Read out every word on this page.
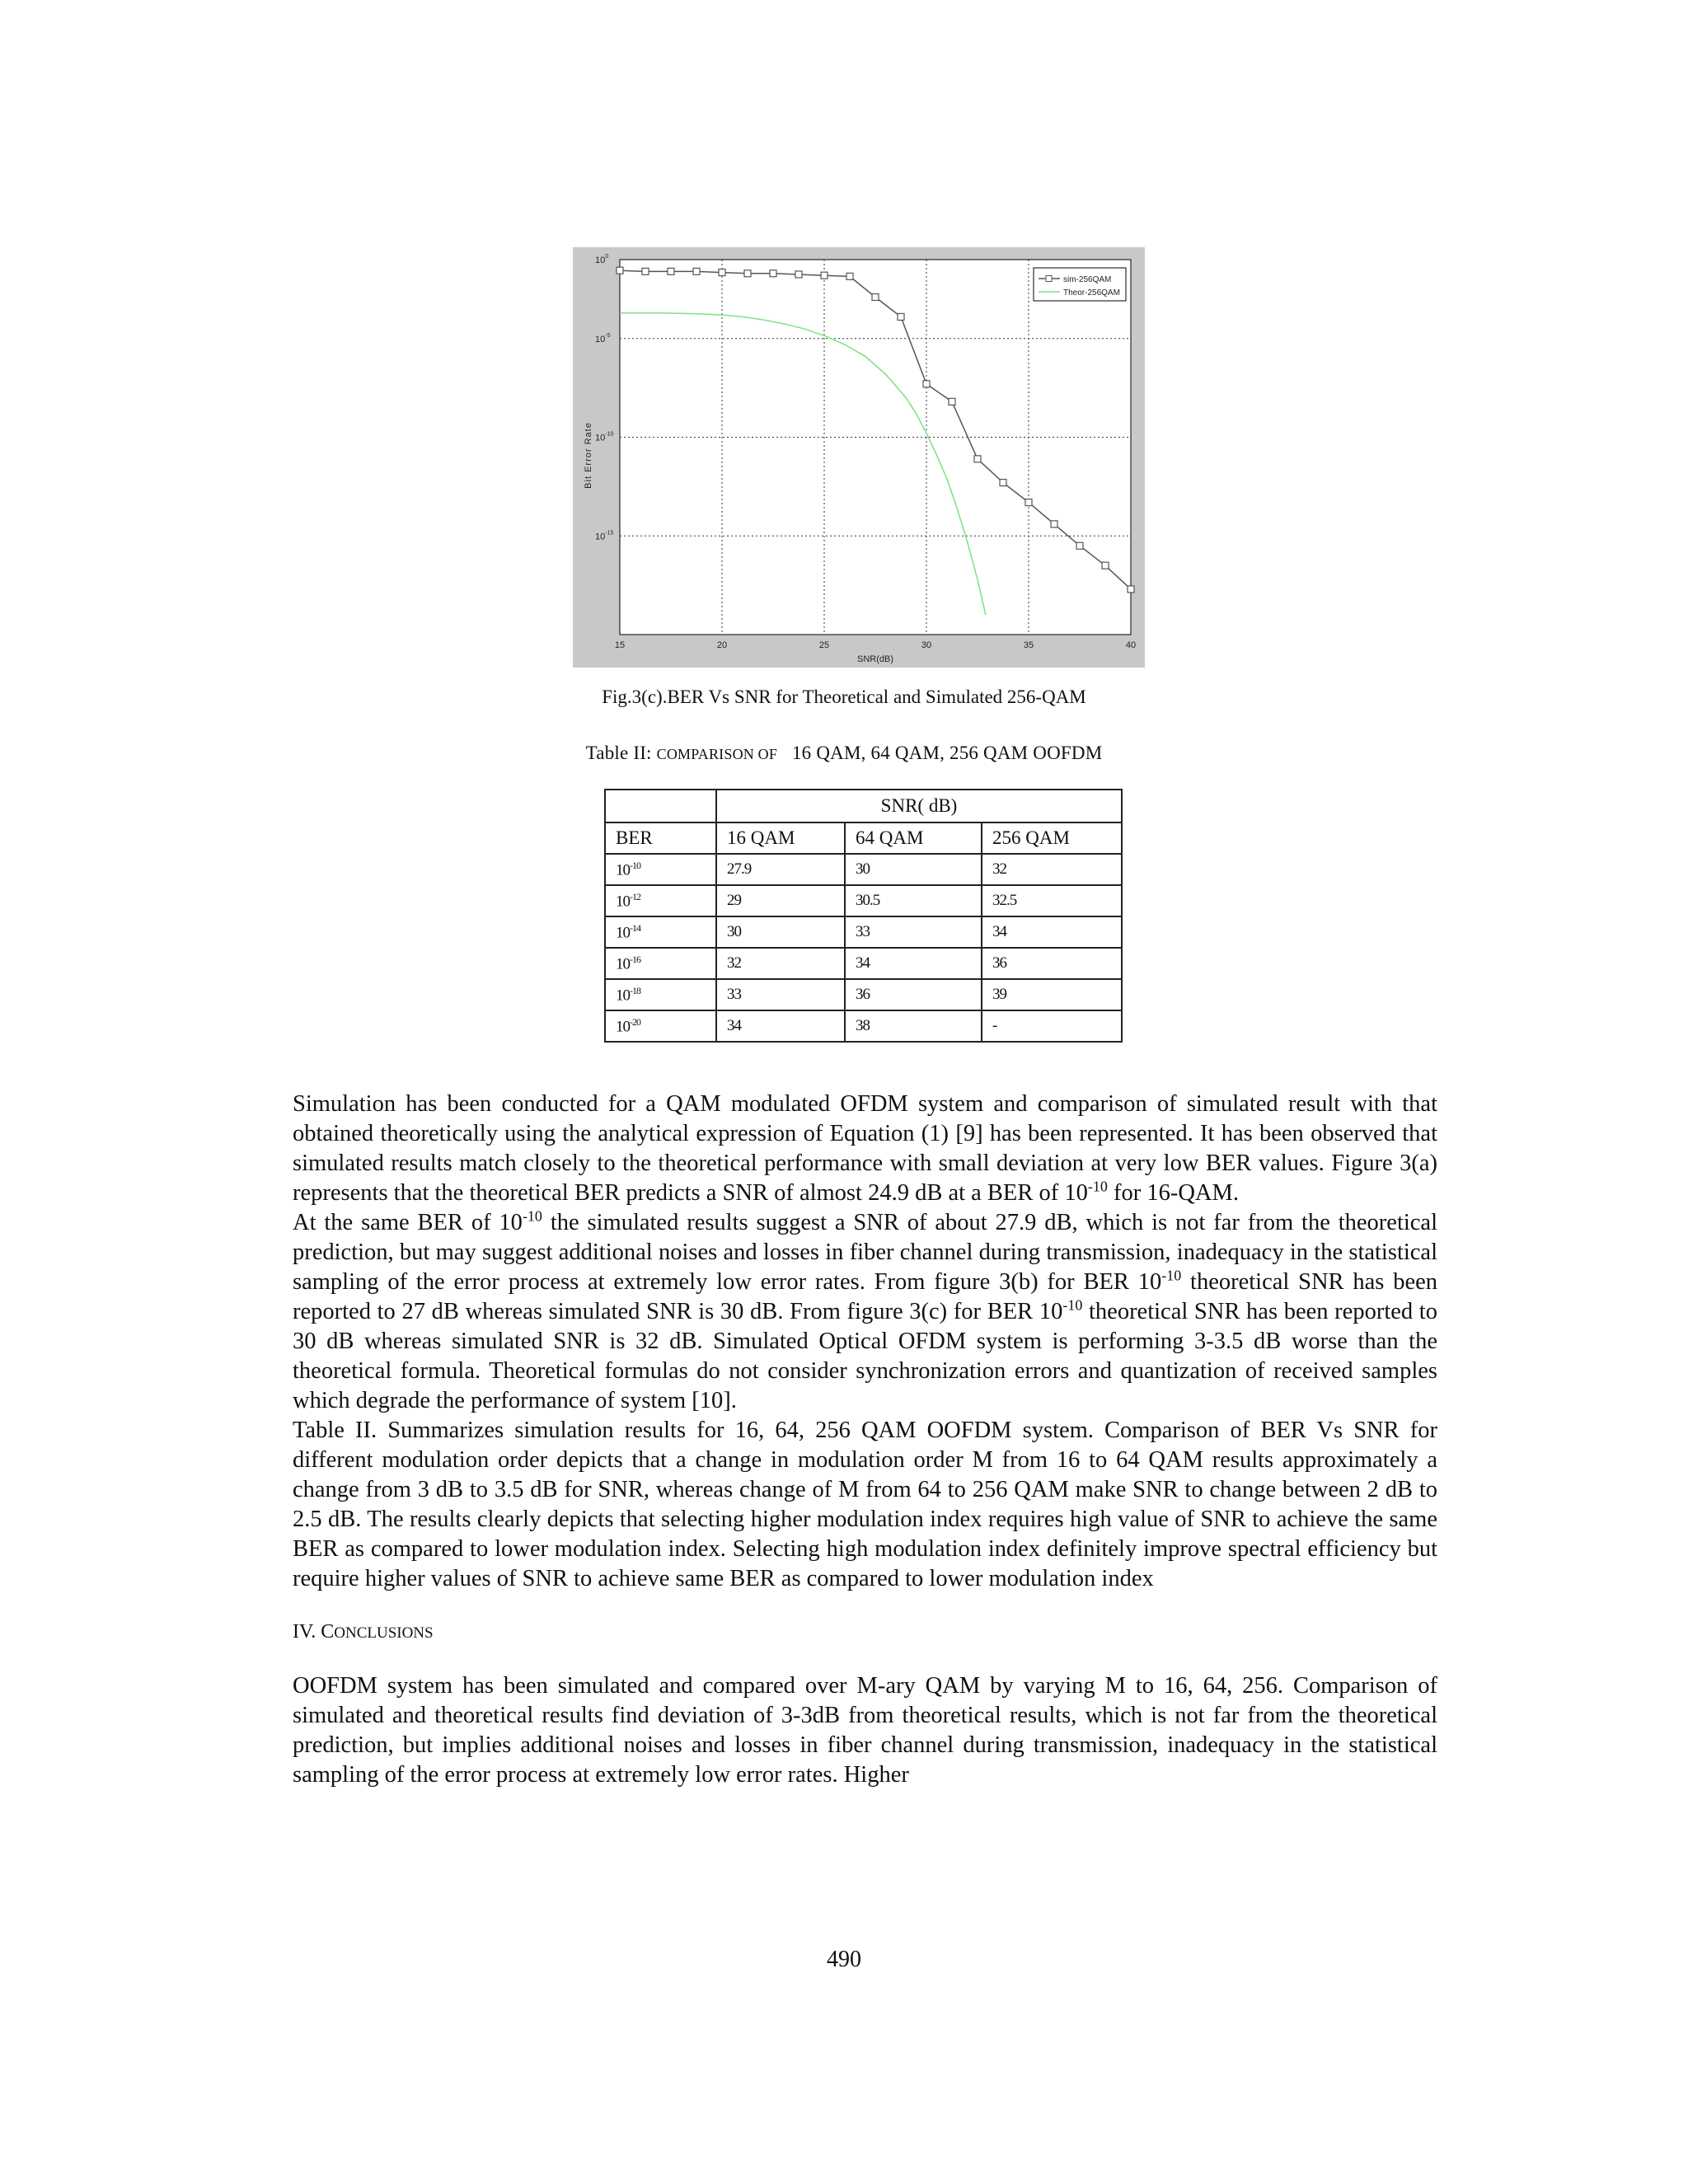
$10^0$
$10^{-5}$
$10^{-10}$
$10^{-15}$
15	20	25	30	35	40
SNR(dB)
Bit Error Rate
sim-256QAM
Theor-256QAM
Fig.3(c).BER Vs SNR for Theoretical and Simulated 256-QAM
Table II: COMPARISON OF 16 QAM, 64 QAM, 256 QAM OOFDM
	SNR( dB)		
BER	16 QAM	64 QAM	256 QAM
$10^{-10}$	27.9	30	32
$10^{-12}$	29	30.5	32.5
$10^{-14}$	30	33	34
$10^{-16}$	32	34	36
$10^{-18}$	33	36	39
$10^{-20}$	34	38	-

Simulation has been conducted for a QAM modulated OFDM system and comparison of simulated result with that obtained theoretically using the analytical expression of Equation (1) [9] has been represented. It has been observed that simulated results match closely to the theoretical performance with small deviation at very low BER values. Figure 3(a) represents that the theoretical BER predicts a SNR of almost 24.9 dB at a BER of $10^{-10}$ for 16-QAM.

At the same BER of $10^{-10}$ the simulated results suggest a SNR of about 27.9 dB, which is not far from the theoretical prediction, but may suggest additional noises and losses in fiber channel during transmission, inadequacy in the statistical sampling of the error process at extremely low error rates. From figure 3(b) for BER $10^{-10}$ theoretical SNR has been reported to 27 dB whereas simulated SNR is 30 dB. From figure 3(c) for BER $10^{-10}$ theoretical SNR has been reported to 30 dB whereas simulated SNR is 32 dB. Simulated Optical OFDM system is performing 3-3.5 dB worse than the theoretical formula. Theoretical formulas do not consider synchronization errors and quantization of received samples which degrade the performance of system [10].

Table II. Summarizes simulation results for 16, 64, 256 QAM OOFDM system. Comparison of BER Vs SNR for different modulation order depicts that a change in modulation order M from 16 to 64 QAM results approximately a change from 3 dB to 3.5 dB for SNR, whereas change of M from 64 to 256 QAM make SNR to change between 2 dB to 2.5 dB. The results clearly depicts that selecting higher modulation index requires high value of SNR to achieve the same BER as compared to lower modulation index. Selecting high modulation index definitely improve spectral efficiency but require higher values of SNR to achieve same BER as compared to lower modulation index

IV. CONCLUSIONS

OOFDM system has been simulated and compared over M-ary QAM by varying M to 16, 64, 256. Comparison of simulated and theoretical results find deviation of 3-3dB from theoretical results, which is not far from the theoretical prediction, but implies additional noises and losses in fiber channel during transmission, inadequacy in the statistical sampling of the error process at extremely low error rates. Higher

490
